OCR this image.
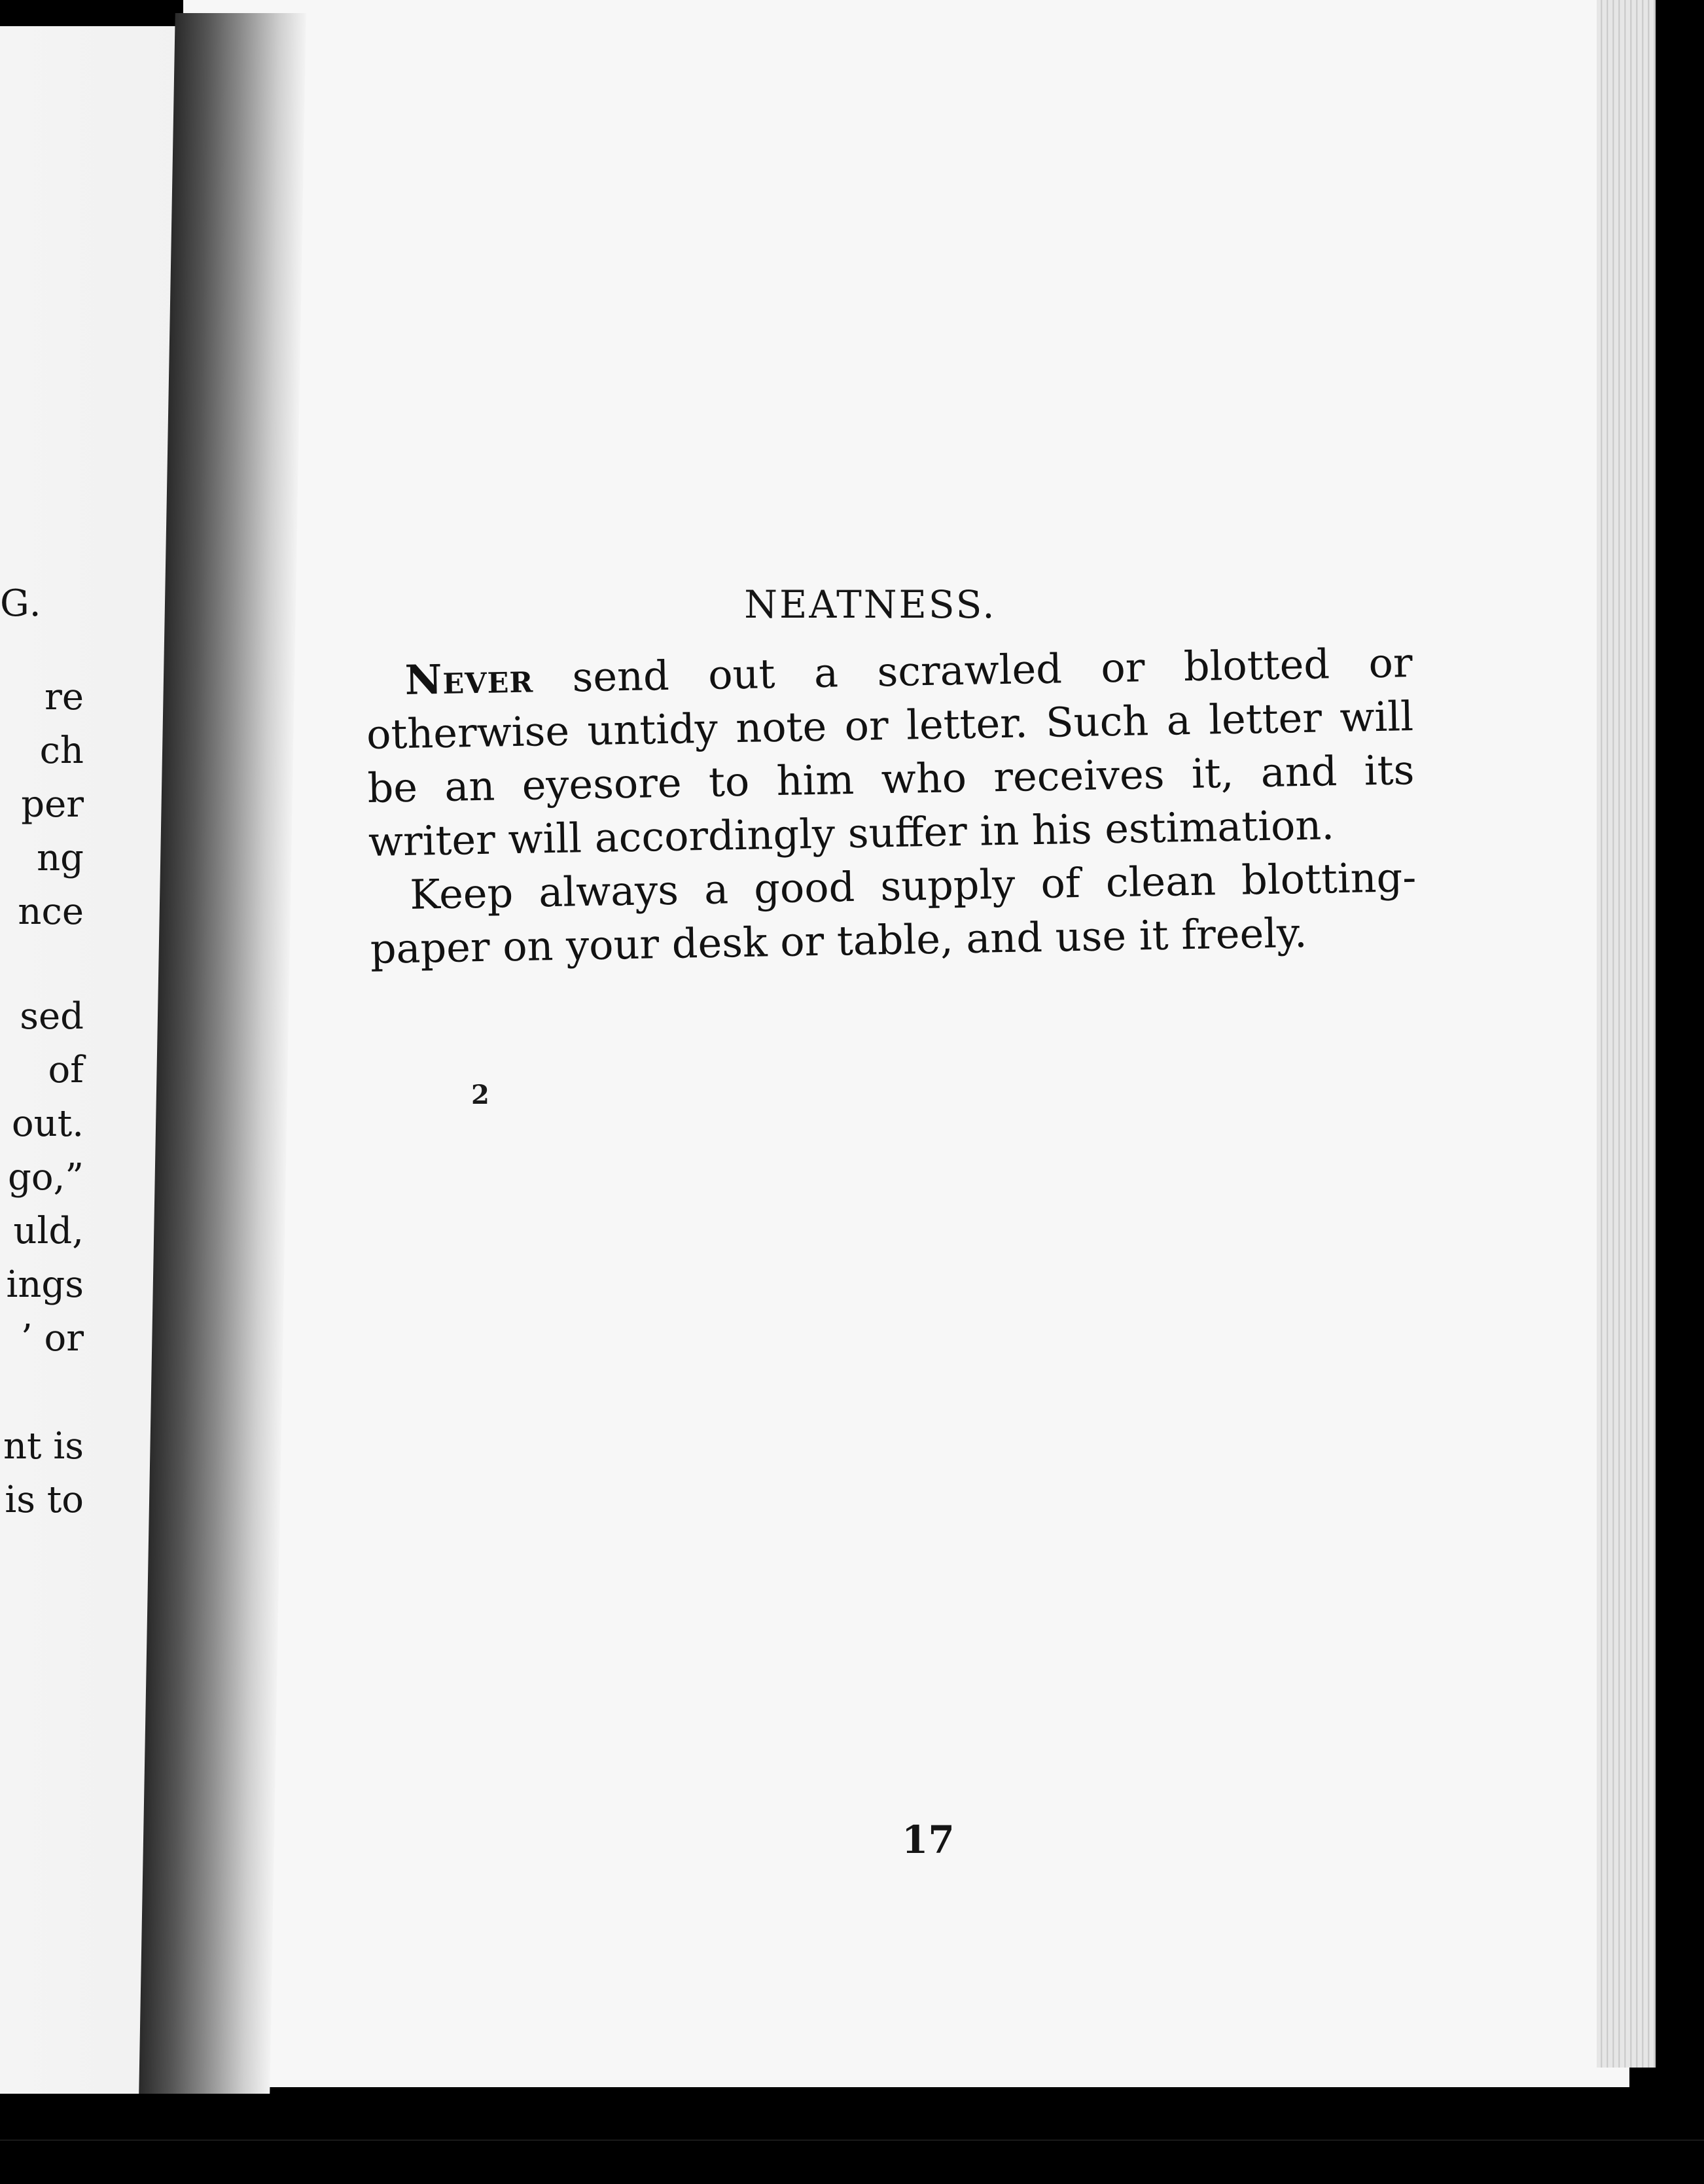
G.
re
ch
per
ng
nce
sed
of
out.
go,”
uld,
ings
’ or
nt is
is to
NEATNESS.

Never send out a scrawled or blotted or otherwise untidy note or letter. Such a letter will be an eyesore to him who receives it, and its writer will accordingly suffer in his estimation.

Keep always a good supply of clean blotting-paper on your desk or table, and use it freely.

2
17
